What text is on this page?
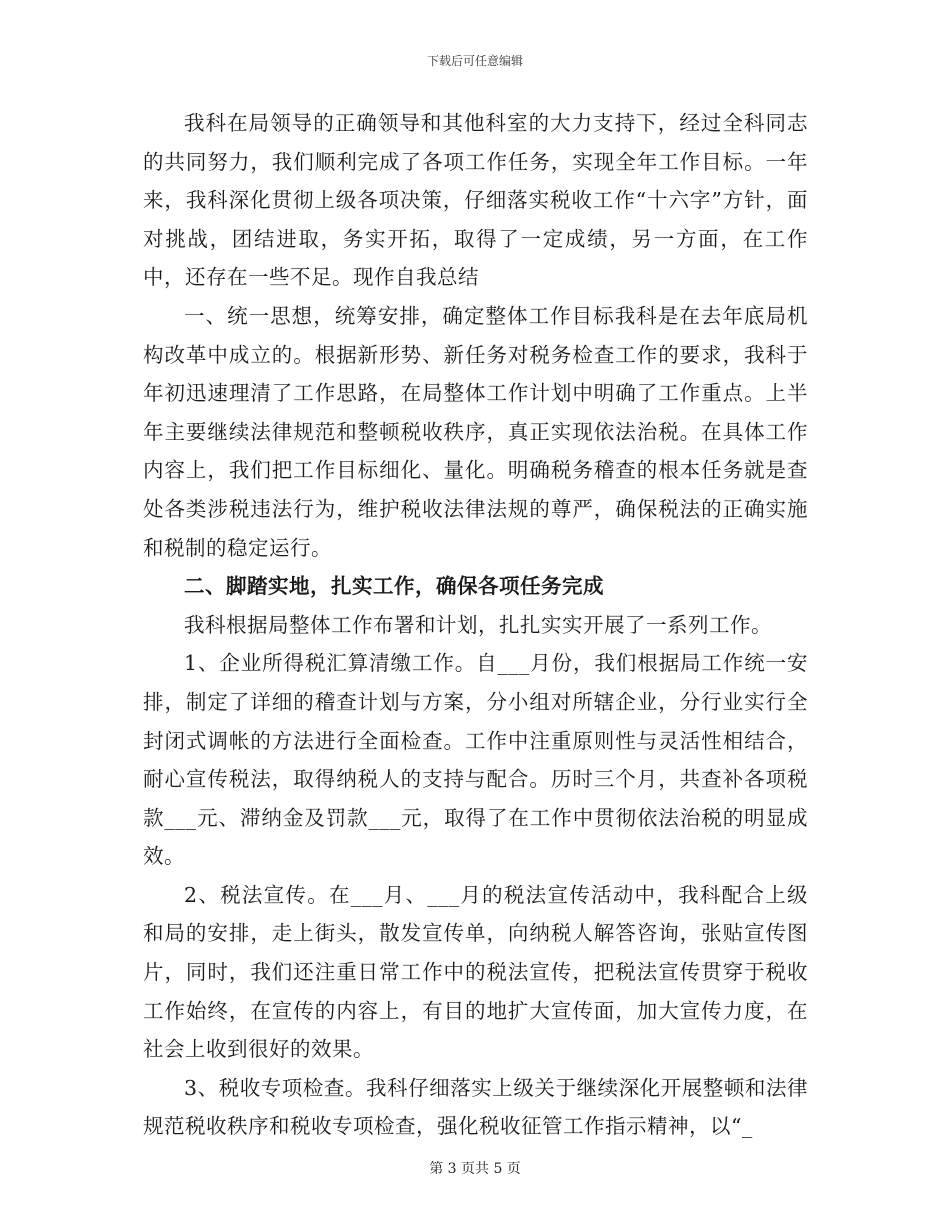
下载后可任意编辑

我科在局领导的正确领导和其他科室的大力支持下，经过全科同志的共同努力，我们顺利完成了各项工作任务，实现全年工作目标。一年来，我科深化贯彻上级各项决策，仔细落实税收工作“十六字”方针，面对挑战，团结进取，务实开拓，取得了一定成绩，另一方面，在工作中，还存在一些不足。现作自我总结

一、统一思想，统筹安排，确定整体工作目标我科是在去年底局机构改革中成立的。根据新形势、新任务对税务检查工作的要求，我科于年初迅速理清了工作思路，在局整体工作计划中明确了工作重点。上半年主要继续法律规范和整顿税收秩序，真正实现依法治税。在具体工作内容上，我们把工作目标细化、量化。明确税务稽查的根本任务就是查处各类涉税违法行为，维护税收法律法规的尊严，确保税法的正确实施和税制的稳定运行。

二、脚踏实地，扎实工作，确保各项任务完成

我科根据局整体工作布署和计划，扎扎实实开展了一系列工作。

1、企业所得税汇算清缴工作。自___月份，我们根据局工作统一安排，制定了详细的稽查计划与方案，分小组对所辖企业，分行业实行全封闭式调帐的方法进行全面检查。工作中注重原则性与灵活性相结合，耐心宣传税法，取得纳税人的支持与配合。历时三个月，共查补各项税款___元、滞纳金及罚款___元，取得了在工作中贯彻依法治税的明显成效。

2、税法宣传。在___月、___月的税法宣传活动中，我科配合上级和局的安排，走上街头，散发宣传单，向纳税人解答咨询，张贴宣传图片，同时，我们还注重日常工作中的税法宣传，把税法宣传贯穿于税收工作始终，在宣传的内容上，有目的地扩大宣传面，加大宣传力度，在社会上收到很好的效果。

3、税收专项检查。我科仔细落实上级关于继续深化开展整顿和法律规范税收秩序和税收专项检查，强化税收征管工作指示精神，以“_

第 3 页共 5 页
